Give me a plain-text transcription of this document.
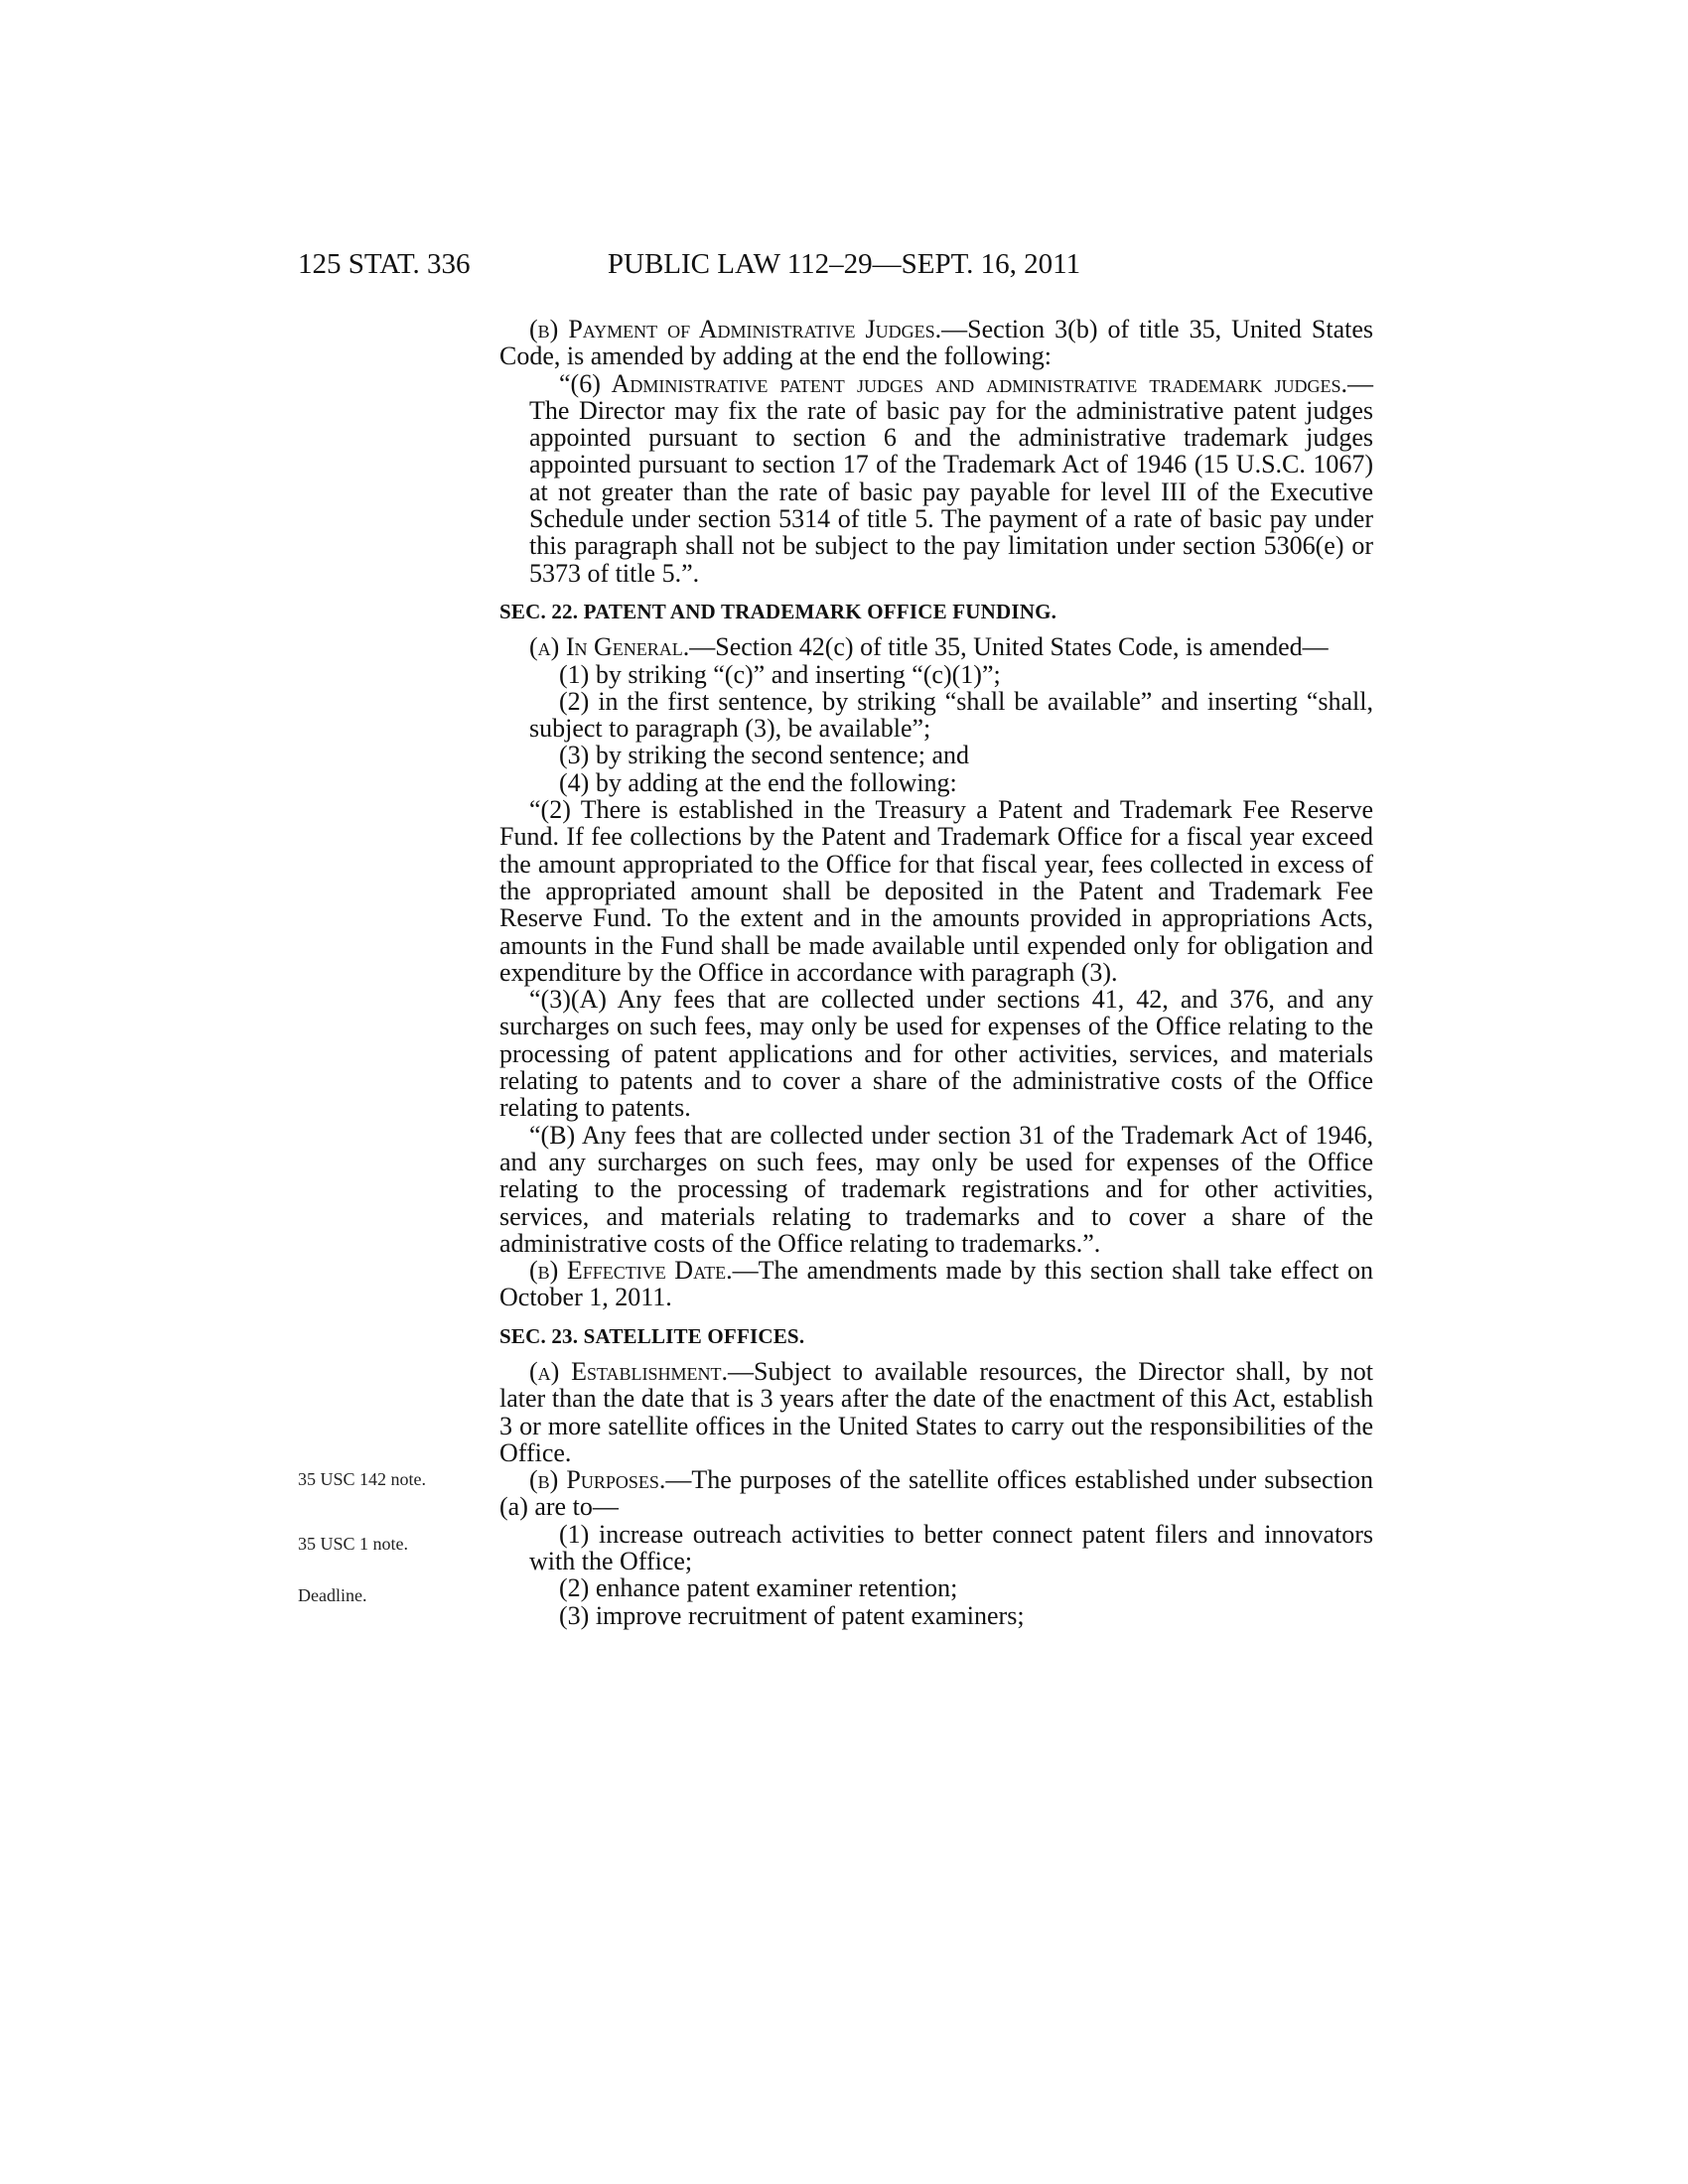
125 STAT. 336	PUBLIC LAW 112–29—SEPT. 16, 2011
35 USC 142 note.
35 USC 1 note.
Deadline.

(b) Payment of Administrative Judges.—Section 3(b) of title 35, United States Code, is amended by adding at the end the following:

“(6) Administrative patent judges and administrative trademark judges.—The Director may fix the rate of basic pay for the administrative patent judges appointed pursuant to section 6 and the administrative trademark judges appointed pursuant to section 17 of the Trademark Act of 1946 (15 U.S.C. 1067) at not greater than the rate of basic pay payable for level III of the Executive Schedule under section 5314 of title 5. The payment of a rate of basic pay under this paragraph shall not be subject to the pay limitation under section 5306(e) or 5373 of title 5.”.

SEC. 22. PATENT AND TRADEMARK OFFICE FUNDING.

(a) In General.—Section 42(c) of title 35, United States Code, is amended—

(1) by striking “(c)” and inserting “(c)(1)”;

(2) in the first sentence, by striking “shall be available” and inserting “shall, subject to paragraph (3), be available”;

(3) by striking the second sentence; and

(4) by adding at the end the following:

“(2) There is established in the Treasury a Patent and Trademark Fee Reserve Fund. If fee collections by the Patent and Trademark Office for a fiscal year exceed the amount appropriated to the Office for that fiscal year, fees collected in excess of the appropriated amount shall be deposited in the Patent and Trademark Fee Reserve Fund. To the extent and in the amounts provided in appropriations Acts, amounts in the Fund shall be made available until expended only for obligation and expenditure by the Office in accordance with paragraph (3).

“(3)(A) Any fees that are collected under sections 41, 42, and 376, and any surcharges on such fees, may only be used for expenses of the Office relating to the processing of patent applications and for other activities, services, and materials relating to patents and to cover a share of the administrative costs of the Office relating to patents.

“(B) Any fees that are collected under section 31 of the Trademark Act of 1946, and any surcharges on such fees, may only be used for expenses of the Office relating to the processing of trademark registrations and for other activities, services, and materials relating to trademarks and to cover a share of the administrative costs of the Office relating to trademarks.”.

(b) Effective Date.—The amendments made by this section shall take effect on October 1, 2011.

SEC. 23. SATELLITE OFFICES.

(a) Establishment.—Subject to available resources, the Director shall, by not later than the date that is 3 years after the date of the enactment of this Act, establish 3 or more satellite offices in the United States to carry out the responsibilities of the Office.

(b) Purposes.—The purposes of the satellite offices established under subsection (a) are to—

(1) increase outreach activities to better connect patent filers and innovators with the Office;

(2) enhance patent examiner retention;

(3) improve recruitment of patent examiners;
